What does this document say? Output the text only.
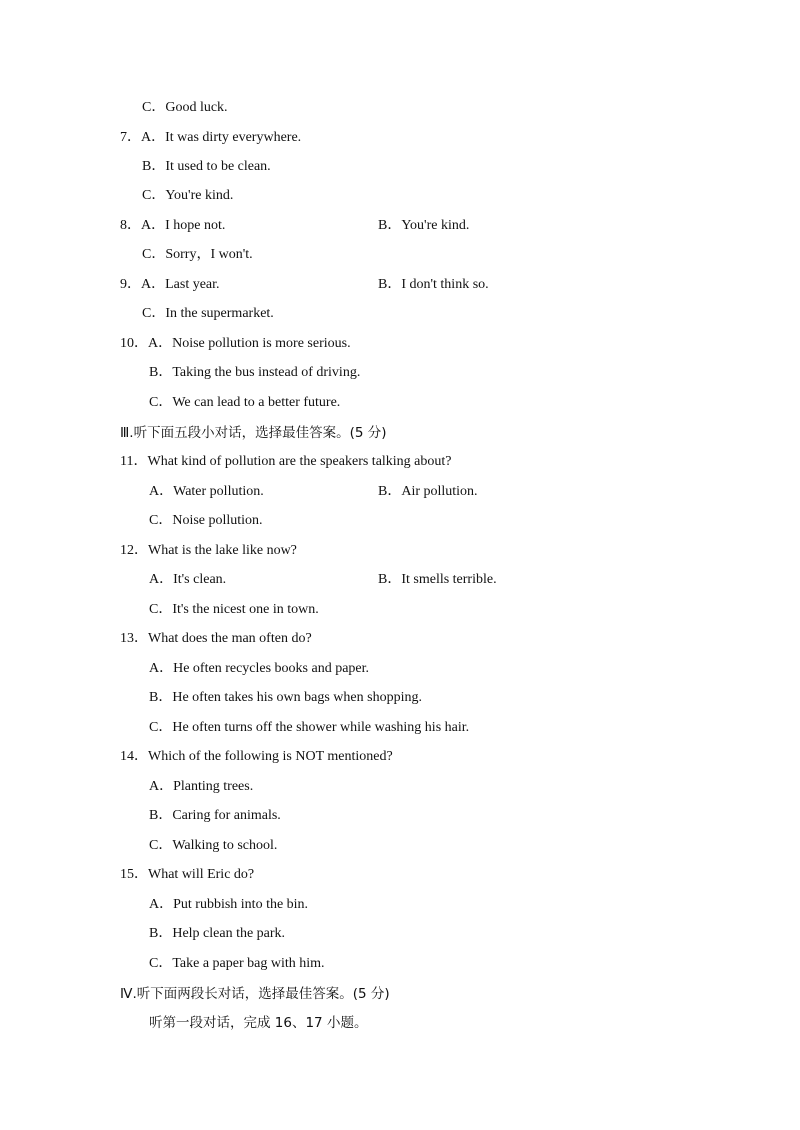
C．Good luck.
7．A．It was dirty everywhere.
B．It used to be clean.
C．You're kind.
8．A．I hope not.	B．You're kind.
C．Sorry，I won't.
9．A．Last year.	B．I don't think so.
C．In the supermarket.
10．A．Noise pollution is more serious.
B．Taking the bus instead of driving.
C．We can lead to a better future.
Ⅲ.听下面五段小对话，选择最佳答案。(5 分)
11．What kind of pollution are the speakers talking about?
A．Water pollution.	B．Air pollution.
C．Noise pollution.
12．What is the lake like now?
A．It's clean.	B．It smells terrible.
C．It's the nicest one in town.
13．What does the man often do?
A．He often recycles books and paper.
B．He often takes his own bags when shopping.
C．He often turns off the shower while washing his hair.
14．Which of the following is NOT mentioned?
A．Planting trees.
B．Caring for animals.
C．Walking to school.
15．What will Eric do?
A．Put rubbish into the bin.
B．Help clean the park.
C．Take a paper bag with him.
Ⅳ.听下面两段长对话，选择最佳答案。(5 分)
听第一段对话，完成 16、17 小题。
